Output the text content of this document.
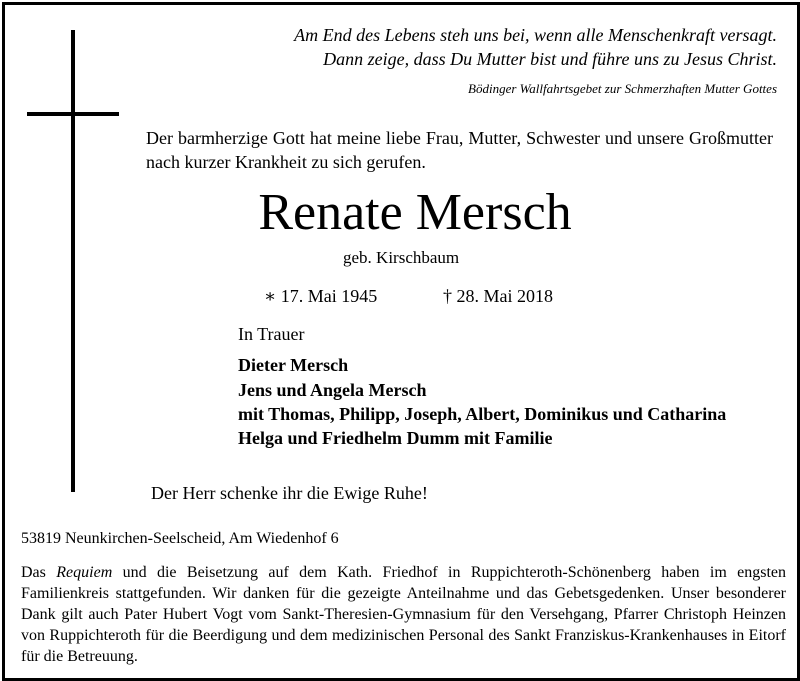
Am End des Lebens steh uns bei, wenn alle Menschenkraft versagt.
Dann zeige, dass Du Mutter bist und führe uns zu Jesus Christ.
Bödinger Wallfahrtsgebet zur Schmerzhaften Mutter Gottes
Der barmherzige Gott hat meine liebe Frau, Mutter, Schwester und unsere Großmutter nach kurzer Krankheit zu sich gerufen.
Renate Mersch
geb. Kirschbaum
∗ 17. Mai 1945	† 28. Mai 2018
In Trauer
Dieter Mersch
Jens und Angela Mersch
mit Thomas, Philipp, Joseph, Albert, Dominikus und Catharina
Helga und Friedhelm Dumm mit Familie
Der Herr schenke ihr die Ewige Ruhe!
53819 Neunkirchen-Seelscheid, Am Wiedenhof 6
Das Requiem und die Beisetzung auf dem Kath. Friedhof in Ruppichteroth-Schönenberg haben im engsten Familienkreis stattgefunden. Wir danken für die gezeigte Anteilnahme und das Gebetsgedenken. Unser besonderer Dank gilt auch Pater Hubert Vogt vom Sankt-Theresien-Gymnasium für den Versehgang, Pfarrer Christoph Heinzen von Ruppichteroth für die Beerdigung und dem medizinischen Personal des Sankt Franziskus-Krankenhauses in Eitorf für die Betreuung.
